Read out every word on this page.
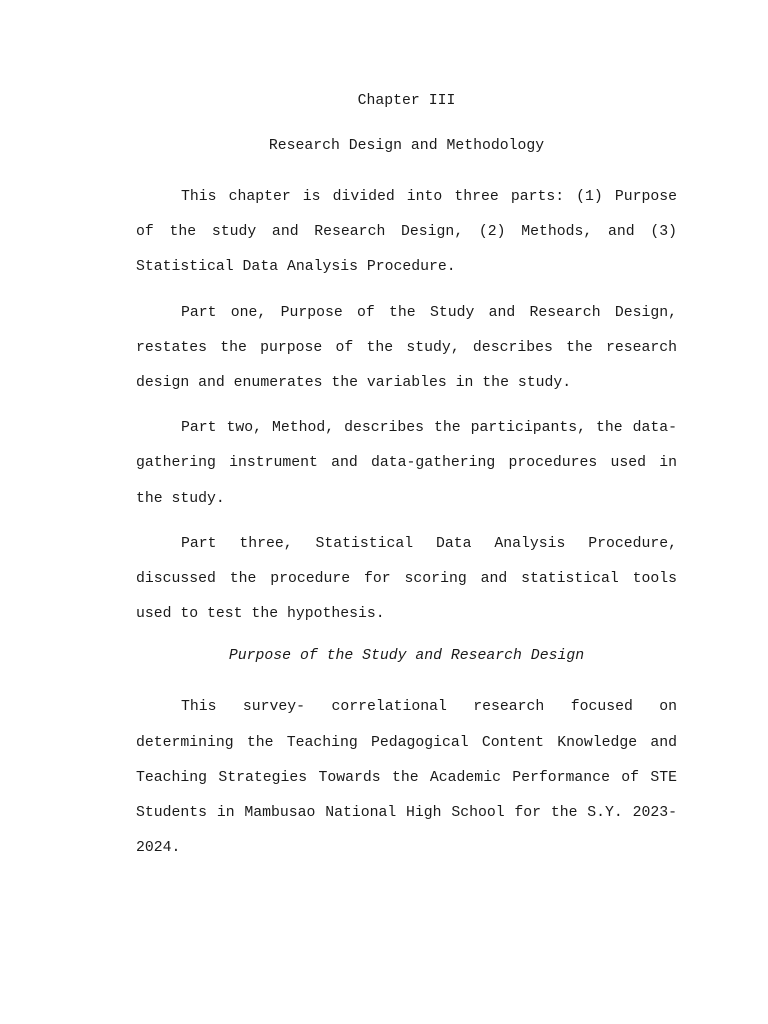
Chapter III

Research Design and Methodology

This chapter is divided into three parts: (1) Purpose of the study and Research Design, (2) Methods, and (3) Statistical Data Analysis Procedure.

Part one, Purpose of the Study and Research Design, restates the purpose of the study, describes the research design and enumerates the variables in the study.

Part two, Method, describes the participants, the data-gathering instrument and data-gathering procedures used in the study.

Part three, Statistical Data Analysis Procedure, discussed the procedure for scoring and statistical tools used to test the hypothesis.

Purpose of the Study and Research Design

This survey- correlational research focused on determining the Teaching Pedagogical Content Knowledge and Teaching Strategies Towards the Academic Performance of STE Students in Mambusao National High School for the S.Y. 2023-2024.
